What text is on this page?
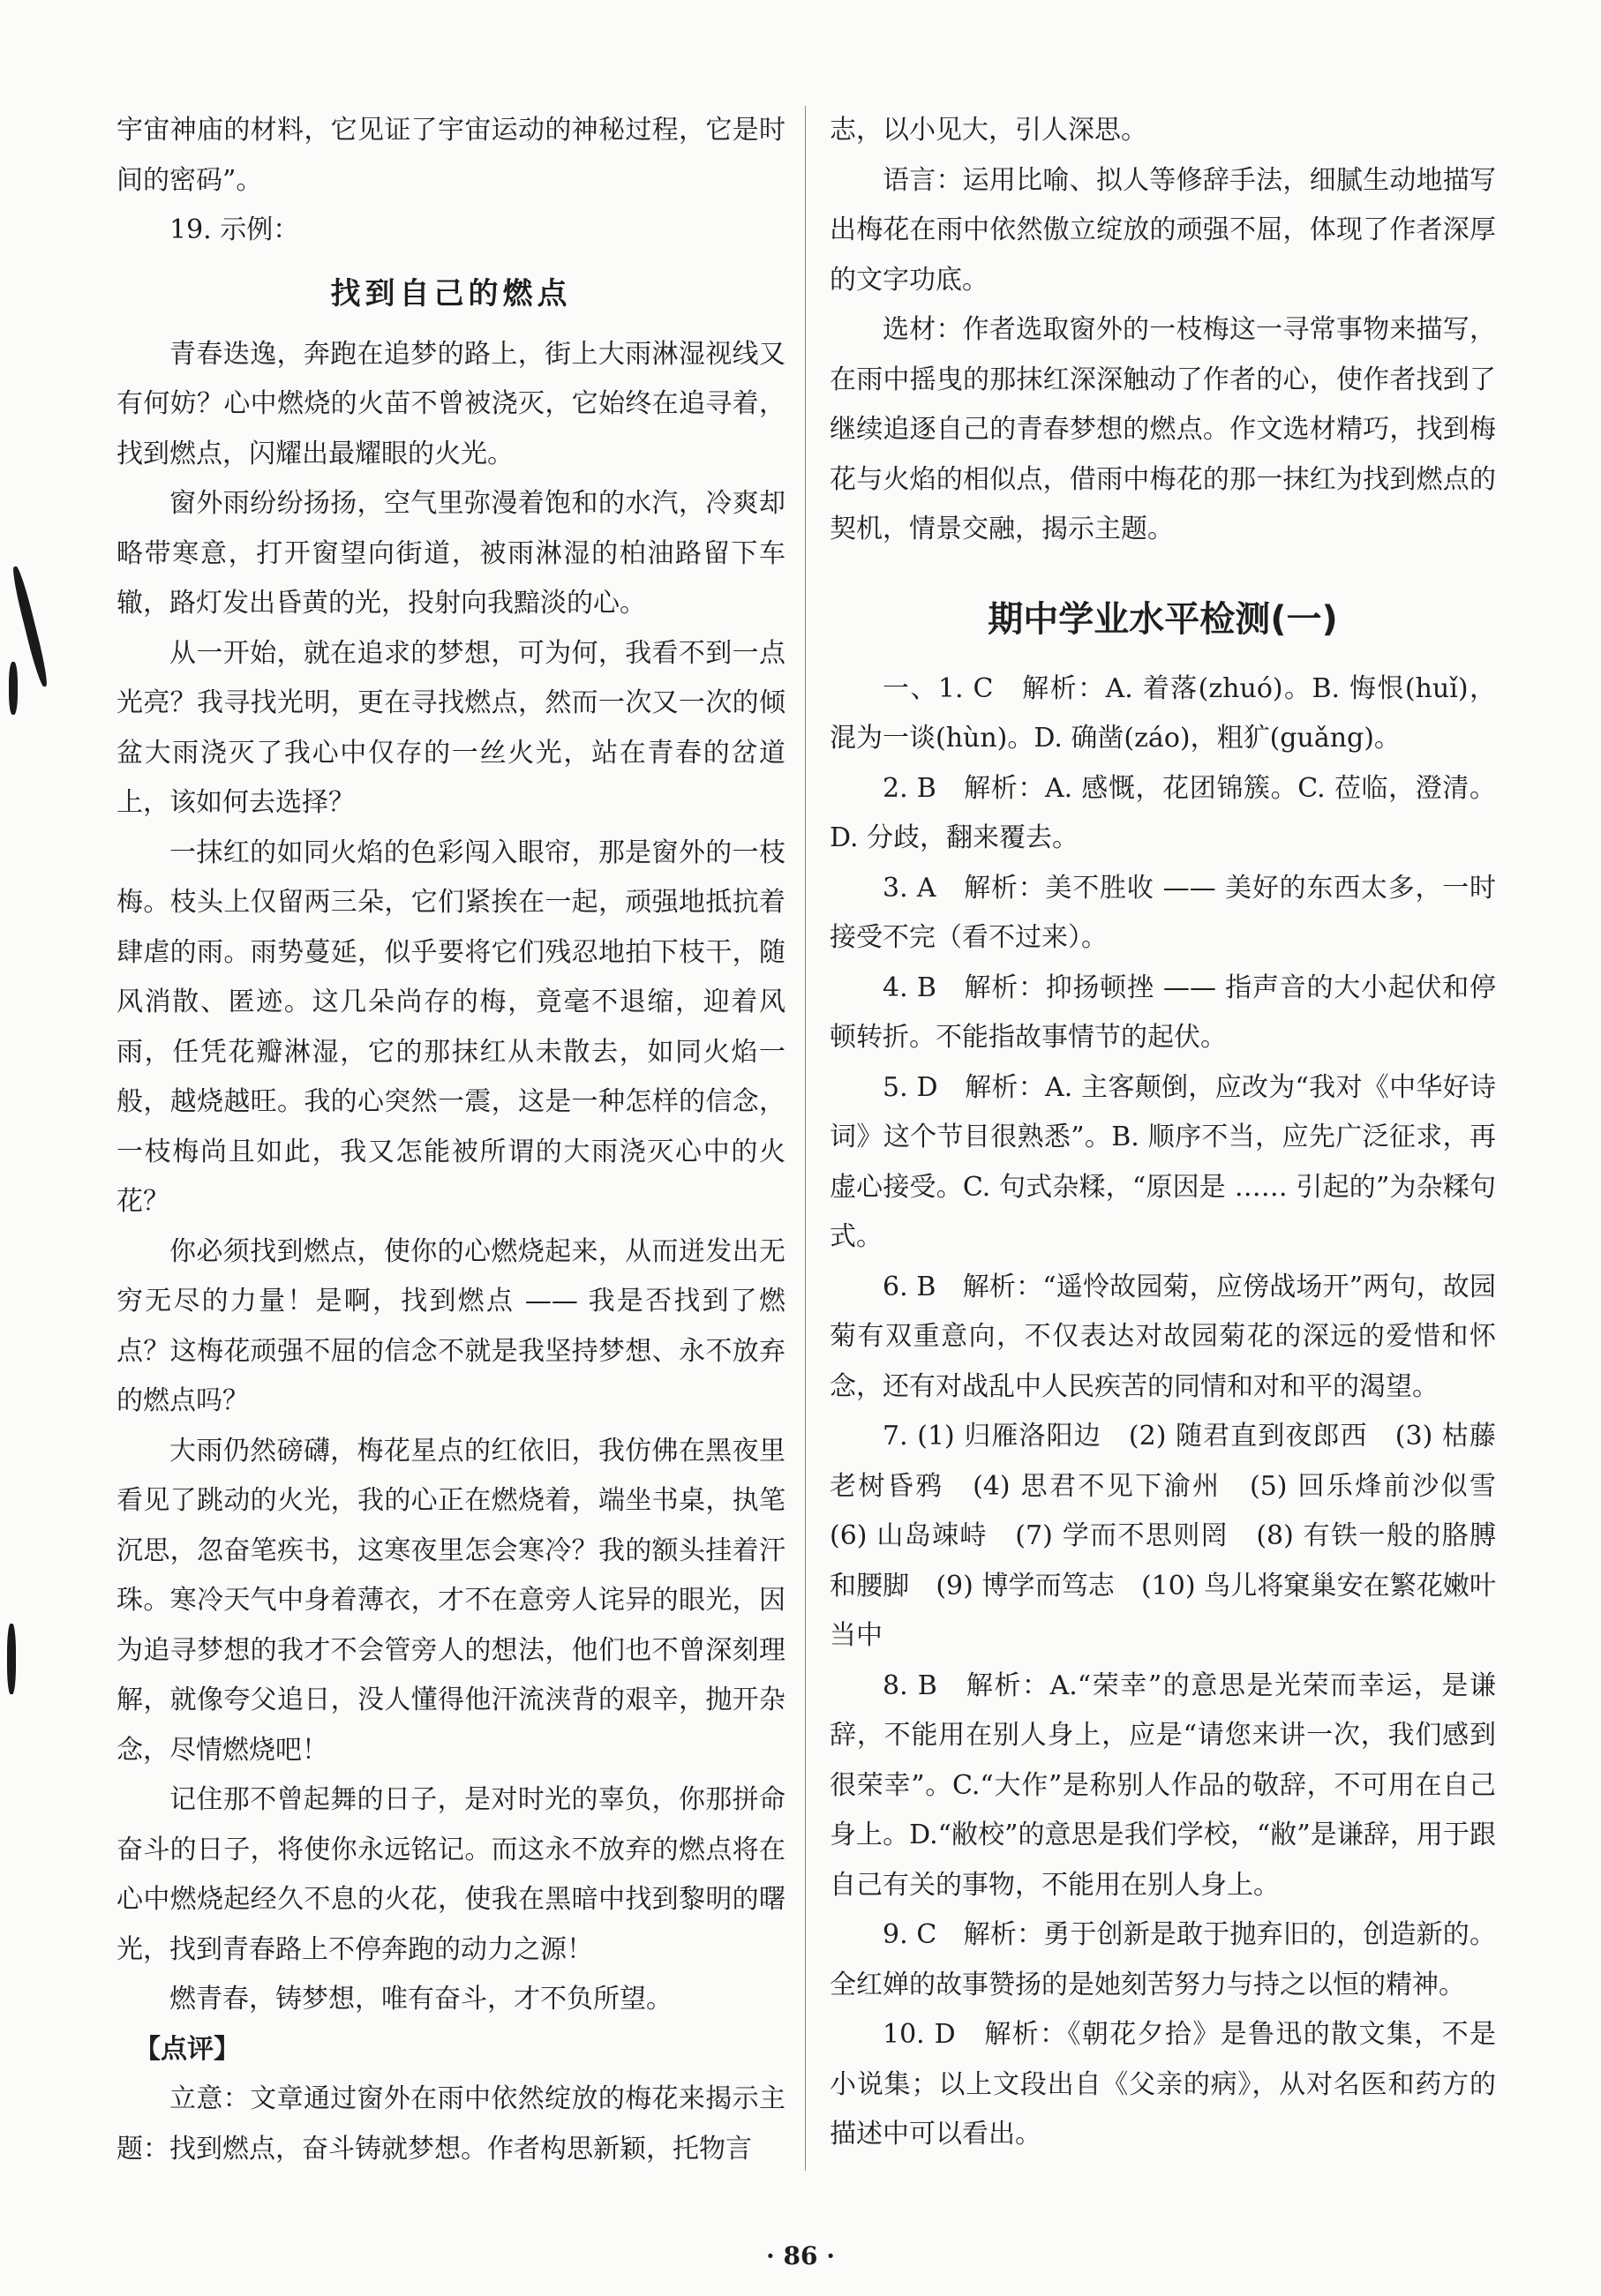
宇宙神庙的材料，它见证了宇宙运动的神秘过程，它是时间的密码”。

19. 示例：

找到自己的燃点

青春迭逸，奔跑在追梦的路上，街上大雨淋湿视线又有何妨？心中燃烧的火苗不曾被浇灭，它始终在追寻着，找到燃点，闪耀出最耀眼的火光。

窗外雨纷纷扬扬，空气里弥漫着饱和的水汽，冷爽却略带寒意，打开窗望向街道，被雨淋湿的柏油路留下车辙，路灯发出昏黄的光，投射向我黯淡的心。

从一开始，就在追求的梦想，可为何，我看不到一点光亮？我寻找光明，更在寻找燃点，然而一次又一次的倾盆大雨浇灭了我心中仅存的一丝火光，站在青春的岔道上，该如何去选择？

一抹红的如同火焰的色彩闯入眼帘，那是窗外的一枝梅。枝头上仅留两三朵，它们紧挨在一起，顽强地抵抗着肆虐的雨。雨势蔓延，似乎要将它们残忍地拍下枝干，随风消散、匿迹。这几朵尚存的梅，竟毫不退缩，迎着风雨，任凭花瓣淋湿，它的那抹红从未散去，如同火焰一般，越烧越旺。我的心突然一震，这是一种怎样的信念，一枝梅尚且如此，我又怎能被所谓的大雨浇灭心中的火花？

你必须找到燃点，使你的心燃烧起来，从而迸发出无穷无尽的力量！是啊，找到燃点 —— 我是否找到了燃点？这梅花顽强不屈的信念不就是我坚持梦想、永不放弃的燃点吗？

大雨仍然磅礴，梅花星点的红依旧，我仿佛在黑夜里看见了跳动的火光，我的心正在燃烧着，端坐书桌，执笔沉思，忽奋笔疾书，这寒夜里怎会寒冷？我的额头挂着汗珠。寒冷天气中身着薄衣，才不在意旁人诧异的眼光，因为追寻梦想的我才不会管旁人的想法，他们也不曾深刻理解，就像夸父追日，没人懂得他汗流浃背的艰辛，抛开杂念，尽情燃烧吧！

记住那不曾起舞的日子，是对时光的辜负，你那拼命奋斗的日子，将使你永远铭记。而这永不放弃的燃点将在心中燃烧起经久不息的火花，使我在黑暗中找到黎明的曙光，找到青春路上不停奔跑的动力之源！

燃青春，铸梦想，唯有奋斗，才不负所望。

【点评】

立意：文章通过窗外在雨中依然绽放的梅花来揭示主题：找到燃点，奋斗铸就梦想。作者构思新颖，托物言

志，以小见大，引人深思。

语言：运用比喻、拟人等修辞手法，细腻生动地描写出梅花在雨中依然傲立绽放的顽强不屈，体现了作者深厚的文字功底。

选材：作者选取窗外的一枝梅这一寻常事物来描写，在雨中摇曳的那抹红深深触动了作者的心，使作者找到了继续追逐自己的青春梦想的燃点。作文选材精巧，找到梅花与火焰的相似点，借雨中梅花的那一抹红为找到燃点的契机，情景交融，揭示主题。

期中学业水平检测(一)

一、1. C　解析：A. 着落(zhuó)。B. 悔恨(huǐ)，混为一谈(hùn)。D. 确凿(záo)，粗犷(guǎng)。

2. B　解析：A. 感慨，花团锦簇。C. 莅临，澄清。D. 分歧，翻来覆去。

3. A　解析：美不胜收 —— 美好的东西太多，一时接受不完（看不过来）。

4. B　解析：抑扬顿挫 —— 指声音的大小起伏和停顿转折。不能指故事情节的起伏。

5. D　解析：A. 主客颠倒，应改为“我对《中华好诗词》这个节目很熟悉”。B. 顺序不当，应先广泛征求，再虚心接受。C. 句式杂糅，“原因是 …… 引起的”为杂糅句式。

6. B　解析：“遥怜故园菊，应傍战场开”两句，故园菊有双重意向，不仅表达对故园菊花的深远的爱惜和怀念，还有对战乱中人民疾苦的同情和对和平的渴望。

7. (1) 归雁洛阳边　(2) 随君直到夜郎西　(3) 枯藤老树昏鸦　(4) 思君不见下渝州　(5) 回乐烽前沙似雪　(6) 山岛竦峙　(7) 学而不思则罔　(8) 有铁一般的胳膊和腰脚　(9) 博学而笃志　(10) 鸟儿将窠巢安在繁花嫩叶当中

8. B　解析：A.“荣幸”的意思是光荣而幸运，是谦辞，不能用在别人身上，应是“请您来讲一次，我们感到很荣幸”。C.“大作”是称别人作品的敬辞，不可用在自己身上。D.“敝校”的意思是我们学校，“敝”是谦辞，用于跟自己有关的事物，不能用在别人身上。

9. C　解析：勇于创新是敢于抛弃旧的，创造新的。全红婵的故事赞扬的是她刻苦努力与持之以恒的精神。

10. D　解析：《朝花夕拾》是鲁迅的散文集，不是小说集；以上文段出自《父亲的病》，从对名医和药方的描述中可以看出。

· 86 ·
